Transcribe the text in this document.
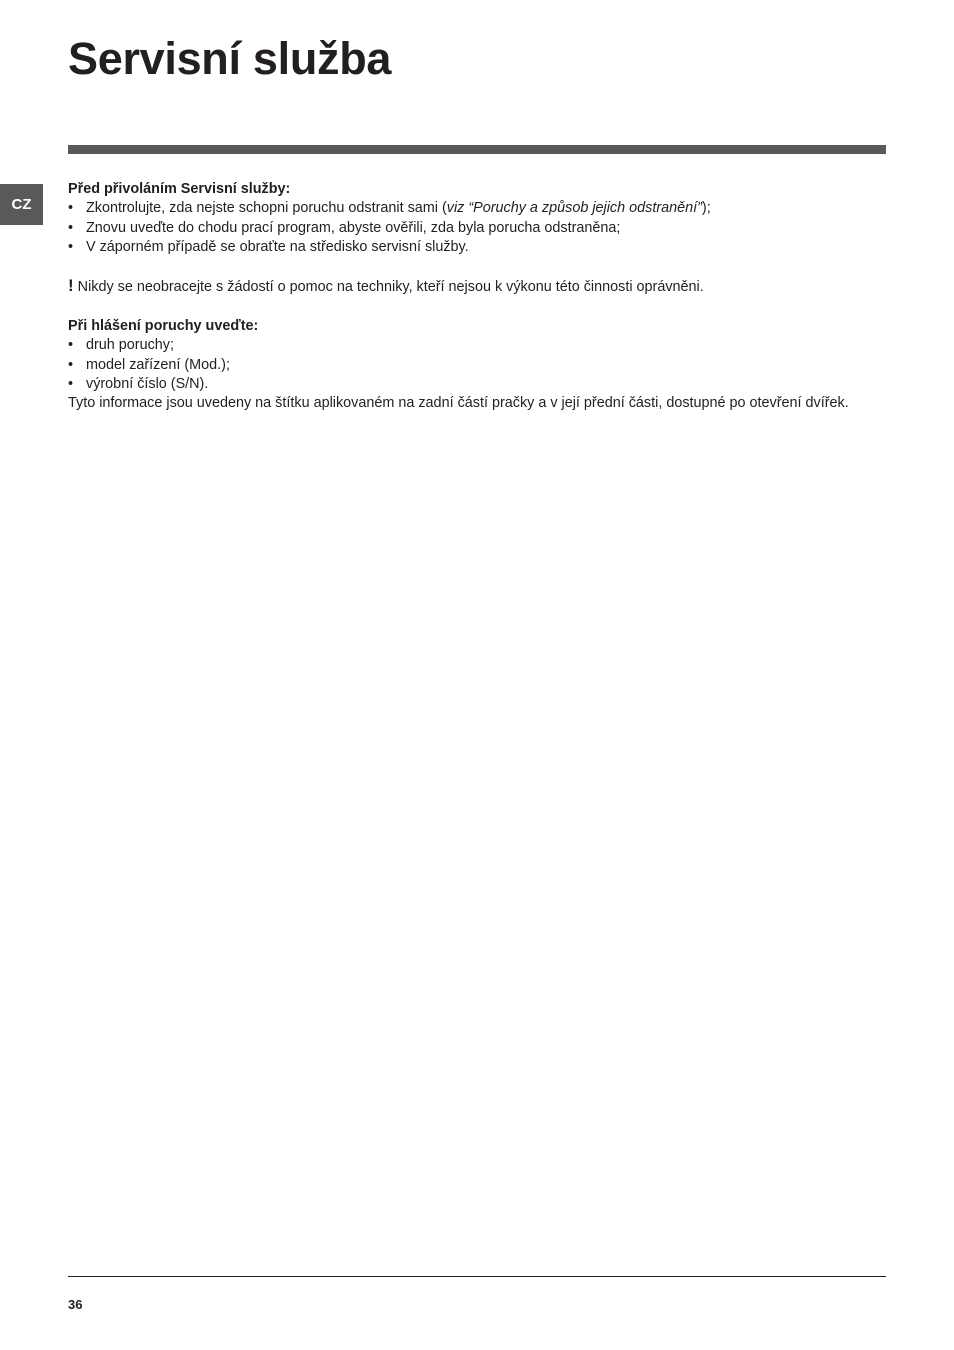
Servisní služba
CZ

Před přivoláním Servisní služby:

• Zkontrolujte, zda nejste schopni poruchu odstranit sami (viz “Poruchy a způsob jejich odstranění”);
• Znovu uveďte do chodu prací program, abyste ověřili, zda byla porucha odstraněna;
• V záporném případě se obraťte na středisko servisní služby.

! Nikdy se neobracejte s žádostí o pomoc na techniky, kteří nejsou k výkonu této činnosti oprávněni.

Při hlášení poruchy uveďte:

• druh poruchy;
• model zařízení (Mod.);
• výrobní číslo (S/N).

Tyto informace jsou uvedeny na štítku aplikovaném na zadní částí pračky a v její přední části, dostupné po otevření dvířek.

36
